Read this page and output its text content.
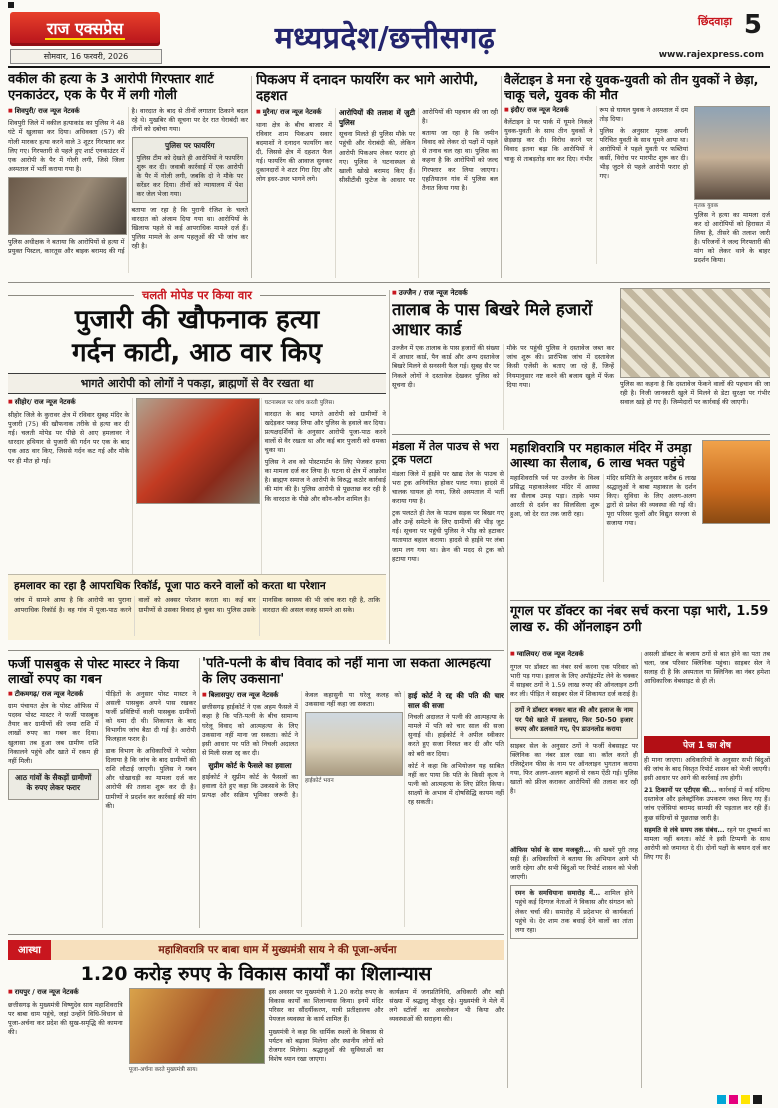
राज एक्सप्रेस
सोमवार, 16 फरवरी, 2026
मध्यप्रदेश/छत्तीसगढ़	छिंदवाड़ा 5
www.rajexpress.com
वकील की हत्या के 3 आरोपी गिरफ्तार शार्ट एनकाउंटर, एक के पैर में लगी गोली

■ शिवपुरी/ राज न्यूज नेटवर्क

शिवपुरी जिले में वकील हत्याकांड का पुलिस ने 48 घंटे में खुलासा कर दिया। अधिवक्ता (57) की गोली मारकर हत्या करने वाले 3 शूटर गिरफ्तार कर लिए गए। गिरफ्तारी से पहले हुए शार्ट एनकाउंटर में एक आरोपी के पैर में गोली लगी, जिसे जिला अस्पताल में भर्ती कराया गया है।

पुलिस अधीक्षक ने बताया कि आरोपियों से हत्या में प्रयुक्त पिस्टल, कारतूस और बाइक बरामद की गई है। वारदात के बाद से तीनों लगातार ठिकाने बदल रहे थे। मुखबिर की सूचना पर देर रात घेराबंदी कर तीनों को दबोचा गया।

पुलिस पर फायरिंग
पुलिस टीम को देखते ही आरोपियों ने फायरिंग शुरू कर दी। जवाबी कार्रवाई में एक आरोपी के पैर में गोली लगी, जबकि दो ने मौके पर सरेंडर कर दिया। तीनों को न्यायालय में पेश कर जेल भेजा गया।

बताया जा रहा है कि पुरानी रंजिश के चलते वारदात को अंजाम दिया गया था। आरोपियों के खिलाफ पहले से कई आपराधिक मामले दर्ज हैं। पुलिस मामले के अन्य पहलुओं की भी जांच कर रही है।

पिकअप में दनादन फायरिंग कर भागे आरोपी, दहशत

■ मुरैना/ राज न्यूज नेटवर्क

थाना क्षेत्र के बीच बाजार में रविवार शाम पिकअप सवार बदमाशों ने दनादन फायरिंग कर दी, जिससे क्षेत्र में दहशत फैल गई। फायरिंग की आवाज सुनकर दुकानदारों ने शटर गिरा दिए और लोग इधर-उधर भागने लगे।

आरोपियों की तलाश में जुटी पुलिस

सूचना मिलते ही पुलिस मौके पर पहुंची और घेराबंदी की, लेकिन आरोपी पिकअप लेकर फरार हो गए। पुलिस ने घटनास्थल से खाली खोखे बरामद किए हैं। सीसीटीवी फुटेज के आधार पर आरोपियों की पहचान की जा रही है।

बताया जा रहा है कि जमीन विवाद को लेकर दो पक्षों में पहले से तनाव चल रहा था। पुलिस का कहना है कि आरोपियों को जल्द गिरफ्तार कर लिया जाएगा। एहतियातन गांव में पुलिस बल तैनात किया गया है।

वैलेंटाइन डे मना रहे युवक-युवती को तीन युवकों ने छेड़ा, चाकू चले, युवक की मौत

■ इंदौर/ राज न्यूज नेटवर्क

वैलेंटाइन डे पर पार्क में घूमने निकले युवक-युवती के साथ तीन युवकों ने छेड़छाड़ कर दी। विरोध करने पर विवाद इतना बढ़ा कि आरोपियों ने चाकू से ताबड़तोड़ वार कर दिए। गंभीर रूप से घायल युवक ने अस्पताल में दम तोड़ दिया।

पुलिस के अनुसार मृतक अपनी परिचित युवती के साथ घूमने आया था। आरोपियों ने पहले युवती पर फब्तियां कसीं, विरोध पर मारपीट शुरू कर दी। भीड़ जुटने से पहले आरोपी फरार हो गए।

मृतक युवक
पुलिस ने हत्या का मामला दर्ज कर दो आरोपियों को हिरासत में लिया है, तीसरे की तलाश जारी है। परिजनों ने जल्द गिरफ्तारी की मांग को लेकर थाने के बाहर प्रदर्शन किया।
चलती मोपेड पर किया वार
पुजारी की खौफनाक हत्या
गर्दन काटी, आठ वार किए
भागते आरोपी को लोगों ने पकड़ा, ब्राह्मणों से वैर रखता था

■ सीहोर/ राज न्यूज नेटवर्क

सीहोर जिले के कुरावर क्षेत्र में रविवार सुबह मंदिर के पुजारी (75) की खौफनाक तरीके से हत्या कर दी गई। चलती मोपेड पर पीछे से आए हमलावर ने धारदार हथियार से पुजारी की गर्दन पर एक के बाद एक आठ वार किए, जिससे गर्दन कट गई और मौके पर ही मौत हो गई।

घटनास्थल पर जांच करती पुलिस।

वारदात के बाद भागते आरोपी को ग्रामीणों ने खदेड़कर पकड़ लिया और पुलिस के हवाले कर दिया। प्रत्यक्षदर्शियों के अनुसार आरोपी पूजा-पाठ करने वालों से वैर रखता था और कई बार पुजारी को धमका चुका था।

पुलिस ने शव को पोस्टमार्टम के लिए भेजकर हत्या का मामला दर्ज कर लिया है। घटना से क्षेत्र में आक्रोश है। ब्राह्मण समाज ने आरोपी के विरुद्ध कठोर कार्रवाई की मांग की है। पुलिस आरोपी से पूछताछ कर रही है कि वारदात के पीछे और कौन-कौन शामिल है।

हमलावर का रहा है आपराधिक रिकॉर्ड, पूजा पाठ करने वालों को करता था परेशान
जांच में सामने आया है कि आरोपी का पुराना आपराधिक रिकॉर्ड है। वह गांव में पूजा-पाठ करने वालों को अक्सर परेशान करता था। कई बार ग्रामीणों से उसका विवाद हो चुका था। पुलिस उसके मानसिक स्वास्थ्य की भी जांच करा रही है, ताकि वारदात की असल वजह सामने आ सके।

■ उज्जैन / राज न्यूज नेटवर्क

तालाब के पास बिखरे मिले हजारों आधार कार्ड

उज्जैन में एक तालाब के पास हजारों की संख्या में आधार कार्ड, पैन कार्ड और अन्य दस्तावेज बिखरे मिलने से सनसनी फैल गई। सुबह सैर पर निकले लोगों ने दस्तावेज देखकर पुलिस को सूचना दी।

मौके पर पहुंची पुलिस ने दस्तावेज जब्त कर जांच शुरू की। प्रारंभिक जांच में दस्तावेज किसी एजेंसी के बताए जा रहे हैं, जिन्हें नियमानुसार नष्ट करने की बजाय खुले में फेंक दिया गया।	पुलिस का कहना है कि दस्तावेज फेंकने वालों की पहचान की जा रही है। निजी जानकारी खुले में मिलने से डेटा सुरक्षा पर गंभीर सवाल खड़े हो गए हैं। जिम्मेदारों पर कार्रवाई की जाएगी।
मंडला में तेल पाउच से भरा ट्रक पलटा

मंडला जिले में हाईवे पर खाद्य तेल के पाउच से भरा ट्रक अनियंत्रित होकर पलट गया। हादसे में चालक घायल हो गया, जिसे अस्पताल में भर्ती कराया गया है।

ट्रक पलटते ही तेल के पाउच सड़क पर बिखर गए और उन्हें समेटने के लिए ग्रामीणों की भीड़ जुट गई। सूचना पर पहुंची पुलिस ने भीड़ को हटाकर यातायात बहाल कराया। हादसे से हाईवे पर लंबा जाम लग गया था। क्रेन की मदद से ट्रक को हटाया गया।

महाशिवरात्रि पर महाकाल मंदिर में उमड़ा आस्था का सैलाब, 6 लाख भक्त पहुंचे

महाशिवरात्रि पर्व पर उज्जैन के विश्व प्रसिद्ध महाकालेश्वर मंदिर में आस्था का सैलाब उमड़ पड़ा। तड़के भस्म आरती से दर्शन का सिलसिला शुरू हुआ, जो देर रात तक जारी रहा।

मंदिर समिति के अनुसार करीब 6 लाख श्रद्धालुओं ने बाबा महाकाल के दर्शन किए। सुविधा के लिए अलग-अलग द्वारों से प्रवेश की व्यवस्था की गई थी। पूरा परिसर फूलों और विद्युत सज्जा से सजाया गया।

गूगल पर डॉक्टर का नंबर सर्च करना पड़ा भारी, 1.59 लाख रु. की ऑनलाइन ठगी

■ ग्वालियर/ राज न्यूज नेटवर्क

गूगल पर डॉक्टर का नंबर सर्च करना एक परिवार को भारी पड़ गया। इलाज के लिए अपॉइंटमेंट लेने के चक्कर में साइबर ठगों ने 1.59 लाख रुपए की ऑनलाइन ठगी कर ली। पीड़ित ने साइबर सेल में शिकायत दर्ज कराई है।

ठगों ने डॉक्टर बनकर बात की और इलाज के नाम पर पैसे खाते में डलवाए, फिर 50-50 हजार रुपए और डलवाते गए, ऐप डाउनलोड कराया

साइबर सेल के अनुसार ठगों ने फर्जी वेबसाइट पर क्लिनिक का नंबर डाल रखा था। कॉल करते ही रजिस्ट्रेशन फीस के नाम पर ऑनलाइन भुगतान कराया गया, फिर अलग-अलग बहानों से रकम ऐंठी गई। पुलिस खातों को फ्रीज कराकर आरोपियों की तलाश कर रही है।

असली डॉक्टर के बजाय ठगों से बात होने का पता तब चला, जब परिवार क्लिनिक पहुंचा। साइबर सेल ने सलाह दी है कि अस्पताल या क्लिनिक का नंबर हमेशा आधिकारिक वेबसाइट से ही लें।

पेज 1 का शेष

ही माना जाएगा। अधिकारियों के अनुसार सभी बिंदुओं की जांच के बाद विस्तृत रिपोर्ट शासन को भेजी जाएगी। इसी आधार पर आगे की कार्रवाई तय होगी।

21 ठिकानों पर एटीएस की... कार्रवाई में कई संदिग्ध दस्तावेज और इलेक्ट्रॉनिक उपकरण जब्त किए गए हैं। जांच एजेंसियां बरामद सामग्री की पड़ताल कर रही हैं। कुछ संदिग्धों से पूछताछ जारी है।

सहमति से लंबे समय तक संबंध... रहने पर दुष्कर्म का मामला नहीं बनता। कोर्ट ने इसी टिप्पणी के साथ आरोपी को जमानत दे दी। दोनों पक्षों के बयान दर्ज कर लिए गए हैं।

ऑफिस फोर्स के साथ मजबूती... की खबरें पूरी तरह सही हैं। अधिकारियों ने बताया कि अभियान आगे भी जारी रहेगा और सभी बिंदुओं पर रिपोर्ट शासन को भेजी जाएगी।

रमन के समधियाना समारोह में... शामिल होने पहुंचे कई दिग्गज नेताओं ने विकास और संगठन को लेकर चर्चा की। समारोह में प्रदेशभर से कार्यकर्ता पहुंचे थे। देर शाम तक बधाई देने वालों का तांता लगा रहा।
फर्जी पासबुक से पोस्ट मास्टर ने किया लाखों रुपए का गबन

■ टीकमगढ़/ राज न्यूज नेटवर्क

ग्राम पंचायत क्षेत्र के पोस्ट ऑफिस में पदस्थ पोस्ट मास्टर ने फर्जी पासबुक तैयार कर ग्रामीणों की जमा राशि में लाखों रुपए का गबन कर दिया। खुलासा तब हुआ जब ग्रामीण राशि निकालने पहुंचे और खाते में रकम ही नहीं मिली।

आठ गांवों के सैकड़ों ग्रामीणों के रुपए लेकर फरार

पीड़ितों के अनुसार पोस्ट मास्टर ने असली पासबुक अपने पास रखकर फर्जी प्रविष्टियों वाली पासबुक ग्रामीणों को थमा दी थी। शिकायत के बाद विभागीय जांच बैठा दी गई है। आरोपी फिलहाल फरार है।

डाक विभाग के अधिकारियों ने भरोसा दिलाया है कि जांच के बाद ग्रामीणों की राशि लौटाई जाएगी। पुलिस ने गबन और धोखाधड़ी का मामला दर्ज कर आरोपी की तलाश शुरू कर दी है। ग्रामीणों ने प्रदर्शन कर कार्रवाई की मांग की।

'पति-पत्नी के बीच विवाद को नहीं माना जा सकता आत्महत्या के लिए उकसाना'

■ बिलासपुर/ राज न्यूज नेटवर्क

छत्तीसगढ़ हाईकोर्ट ने एक अहम फैसले में कहा है कि पति-पत्नी के बीच सामान्य घरेलू विवाद को आत्महत्या के लिए उकसाना नहीं माना जा सकता। कोर्ट ने इसी आधार पर पति को निचली अदालत से मिली सजा रद्द कर दी।

सुप्रीम कोर्ट के फैसले का हवाला

हाईकोर्ट ने सुप्रीम कोर्ट के फैसलों का हवाला देते हुए कहा कि उकसावे के लिए प्रत्यक्ष और सक्रिय भूमिका जरूरी है। केवल कहासुनी या घरेलू कलह को उकसावा नहीं कहा जा सकता।

हाईकोर्ट भवन
हाई कोर्ट ने रद्द की पति की चार साल की सजा

निचली अदालत ने पत्नी की आत्महत्या के मामले में पति को चार साल की सजा सुनाई थी। हाईकोर्ट ने अपील स्वीकार करते हुए सजा निरस्त कर दी और पति को बरी कर दिया।

कोर्ट ने कहा कि अभियोजन यह साबित नहीं कर पाया कि पति के किसी कृत्य ने पत्नी को आत्महत्या के लिए प्रेरित किया। साक्ष्यों के अभाव में दोषसिद्धि कायम नहीं रह सकती।

आस्था	महाशिवरात्रि पर बाबा धाम में मुख्यमंत्री साय ने की पूजा-अर्चना
1.20 करोड़ रुपए के विकास कार्यों का शिलान्यास

■ रायपुर / राज न्यूज नेटवर्क

छत्तीसगढ़ के मुख्यमंत्री विष्णुदेव साय महाशिवरात्रि पर बाबा धाम पहुंचे, जहां उन्होंने विधि-विधान से पूजा-अर्चना कर प्रदेश की सुख-समृद्धि की कामना की।

पूजा-अर्चना करते मुख्यमंत्री साय।

इस अवसर पर मुख्यमंत्री ने 1.20 करोड़ रुपए के विकास कार्यों का शिलान्यास किया। इनमें मंदिर परिसर का सौंदर्यीकरण, यात्री प्रतीक्षालय और पेयजल व्यवस्था के कार्य शामिल हैं।

मुख्यमंत्री ने कहा कि धार्मिक स्थलों के विकास से पर्यटन को बढ़ावा मिलेगा और स्थानीय लोगों को रोजगार मिलेगा। श्रद्धालुओं की सुविधाओं का विशेष ध्यान रखा जाएगा।

कार्यक्रम में जनप्रतिनिधि, अधिकारी और बड़ी संख्या में श्रद्धालु मौजूद रहे। मुख्यमंत्री ने मेले में लगे स्टॉलों का अवलोकन भी किया और व्यवस्थाओं की सराहना की।
